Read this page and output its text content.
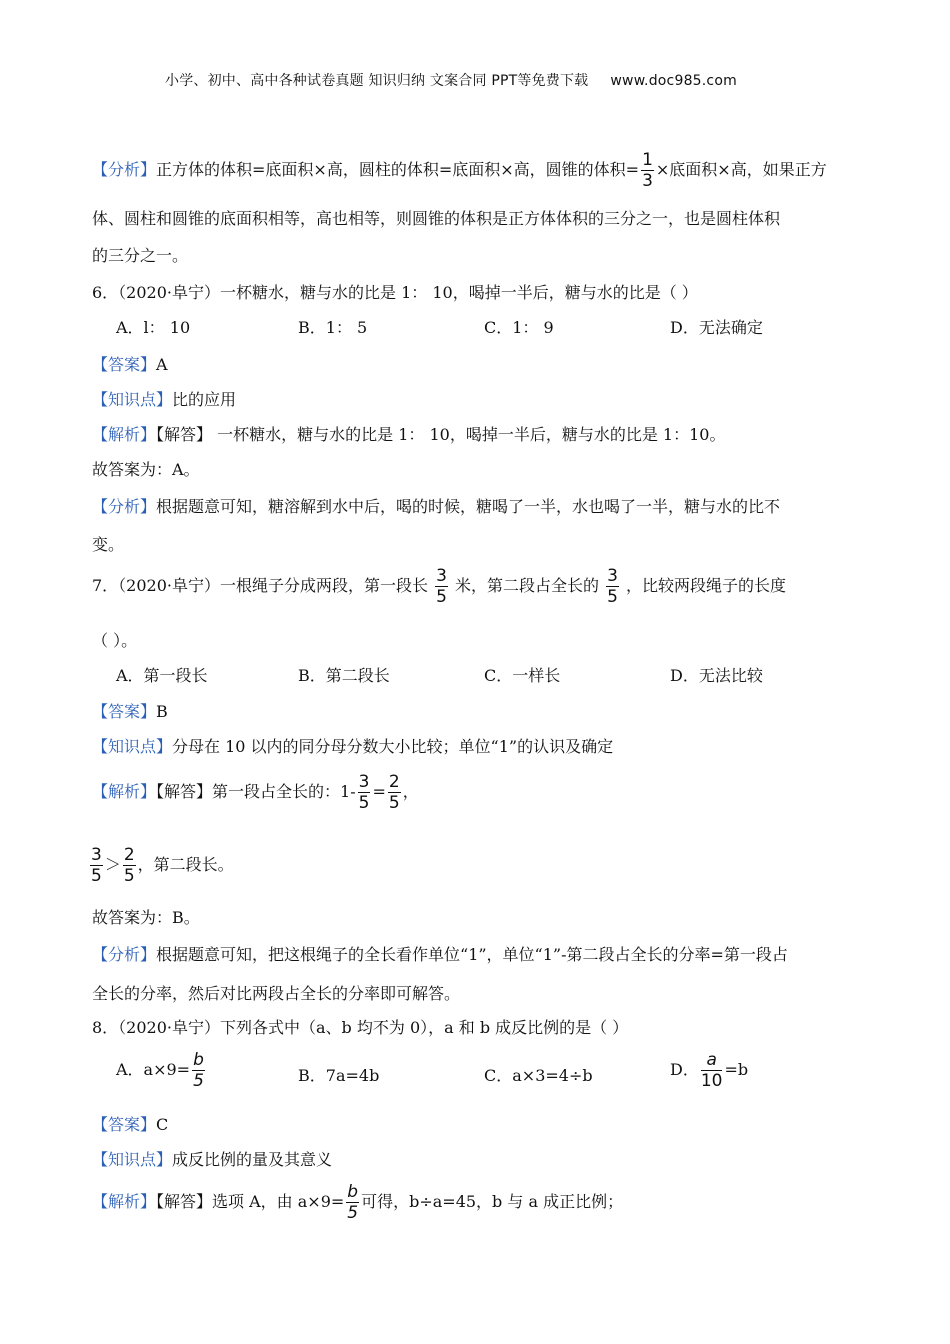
小学、初中、高中各种试卷真题 知识归纳 文案合同 PPT等免费下载 www.doc985.com
【分析】正方体的体积=底面积×高，圆柱的体积=底面积×高，圆锥的体积= $\frac{1}{3}$ ×底面积×高，如果正方
体、圆柱和圆锥的底面积相等，高也相等，则圆锥的体积是正方体体积的三分之一，也是圆柱体积
的三分之一。
6．（2020·阜宁）一杯糖水，糖与水的比是 1： 10，喝掉一半后，糖与水的比是（ ）
A．l： 10	B．1： 5	C．1： 9	D．无法确定
【答案】A
【知识点】比的应用
【解析】【解答】 一杯糖水，糖与水的比是 1： 10，喝掉一半后，糖与水的比是 1：10。
故答案为：A。
【分析】根据题意可知，糖溶解到水中后，喝的时候，糖喝了一半，水也喝了一半，糖与水的比不
变。
7．（2020·阜宁）一根绳子分成两段，第一段长 $\frac{3}{5}$ 米，第二段占全长的 $\frac{3}{5}$ ，比较两段绳子的长度
（ ）。
A．第一段长	B．第二段长	C．一样长	D．无法比较
【答案】B
【知识点】分母在 10 以内的同分母分数大小比较；单位“1”的认识及确定
【解析】【解答】第一段占全长的：$1- \frac{3}{5} = \frac{2}{5}$ ，
$\frac{3}{5} > \frac{2}{5}$ ，第二段长。
故答案为：B。
【分析】根据题意可知，把这根绳子的全长看作单位“1”，单位“1”-第二段占全长的分率=第一段占
全长的分率，然后对比两段占全长的分率即可解答。
8．（2020·阜宁）下列各式中（a、b 均不为 0），a 和 b 成反比例的是（ ）
A．$a\times 9= \frac{b}{5}$	B．7a=4b	C．a×3=4÷b	D． $\frac{a}{10} =b$
【答案】C
【知识点】成反比例的量及其意义
【解析】【解答】选项 A，由 $a\times 9= \frac{b}{5}$ 可得，b÷a=45，b 与 a 成正比例；
